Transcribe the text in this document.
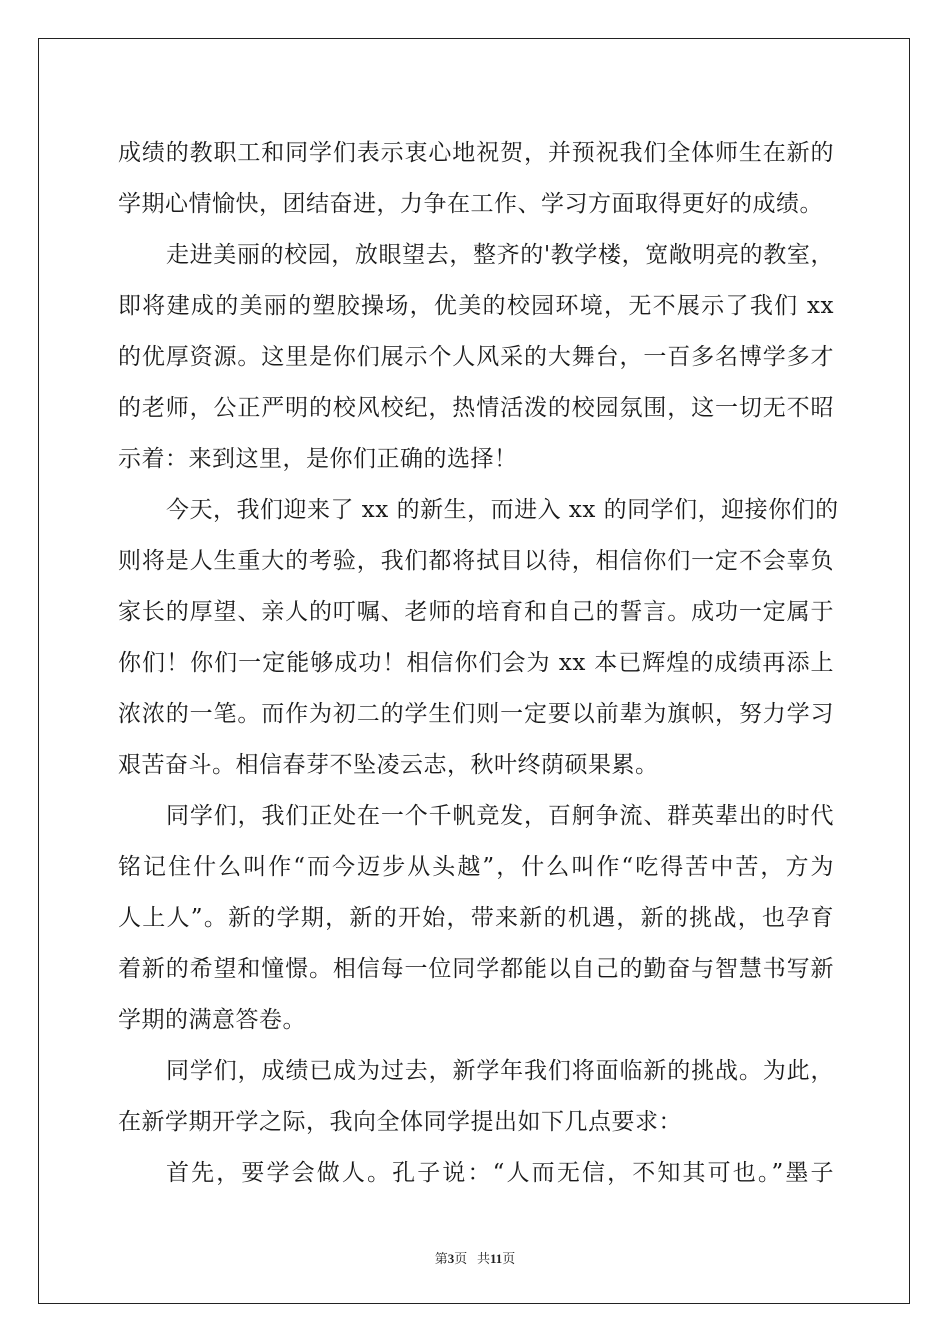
成绩的教职工和同学们表示衷心地祝贺，并预祝我们全体师生在新的
学期心情愉快，团结奋进，力争在工作、学习方面取得更好的成绩。
走进美丽的校园，放眼望去，整齐的'教学楼，宽敞明亮的教室，
即将建成的美丽的塑胶操场，优美的校园环境，无不展示了我们 xx
的优厚资源。这里是你们展示个人风采的大舞台，一百多名博学多才
的老师，公正严明的校风校纪，热情活泼的校园氛围，这一切无不昭
示着：来到这里，是你们正确的选择！
今天，我们迎来了 xx 的新生，而进入 xx 的同学们，迎接你们的
则将是人生重大的考验，我们都将拭目以待，相信你们一定不会辜负
家长的厚望、亲人的叮嘱、老师的培育和自己的誓言。成功一定属于
你们！你们一定能够成功！相信你们会为 xx 本已辉煌的成绩再添上
浓浓的一笔。而作为初二的学生们则一定要以前辈为旗帜，努力学习
艰苦奋斗。相信春芽不坠凌云志，秋叶终荫硕果累。
同学们，我们正处在一个千帆竞发，百舸争流、群英辈出的时代
铭记住什么叫作“而今迈步从头越”，什么叫作“吃得苦中苦，方为
人上人”。新的学期，新的开始，带来新的机遇，新的挑战，也孕育
着新的希望和憧憬。相信每一位同学都能以自己的勤奋与智慧书写新
学期的满意答卷。
同学们，成绩已成为过去，新学年我们将面临新的挑战。为此，
在新学期开学之际，我向全体同学提出如下几点要求：
首先，要学会做人。孔子说：“人而无信，不知其可也。”墨子
第3页 共11页
